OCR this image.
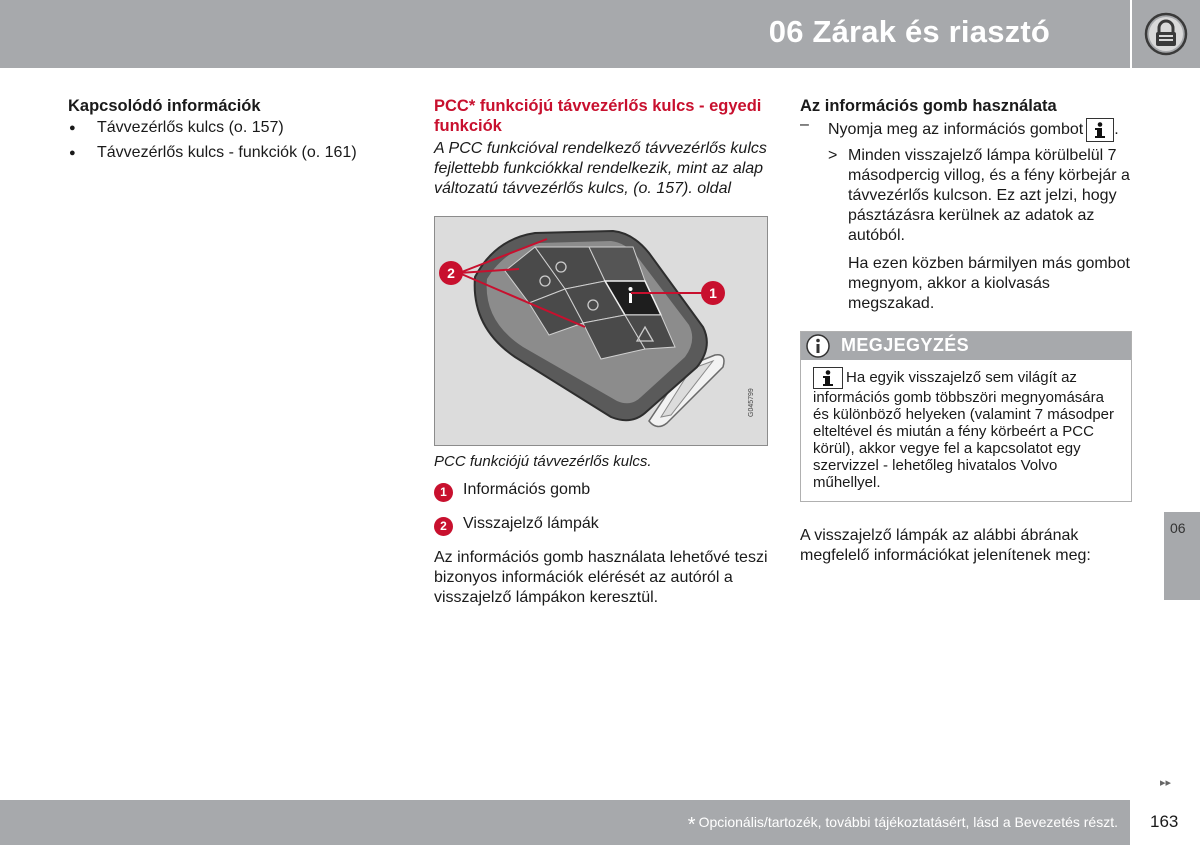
06 Zárak és riasztó
Kapcsolódó információk
● Távvezérlős kulcs (o. 157)
● Távvezérlős kulcs - funkciók (o. 161)
PCC* funkciójú távvezérlős kulcs - egyedi funkciók
A PCC funkcióval rendelkező távvezérlős kulcs fejlettebb funkciókkal rendelkezik, mint az alap változatú távvezérlős kulcs, (o. 157). oldal
2
1
G045799
PCC funkciójú távvezérlős kulcs.
1	Információs gomb
2	Visszajelző lámpák
Az információs gomb használata lehetővé teszi bizonyos információk elérését az autóról a visszajelző lámpákon keresztül.
Az információs gomb használata
– Nyomja meg az információs gombot .
> Minden visszajelző lámpa körülbelül 7 másodpercig villog, és a fény körbejár a távvezérlős kulcson. Ez azt jelzi, hogy pásztázásra kerülnek az adatok az autóból.
Ha ezen közben bármilyen más gombot megnyom, akkor a kiolvasás megszakad.
MEGJEGYZÉS
Ha egyik visszajelző sem világít az információs gomb többszöri megnyomására és különböző helyeken (valamint 7 másodper elteltével és miután a fény körbeért a PCC körül), akkor vegye fel a kapcsolatot egy szervizzel - lehetőleg hivatalos Volvo műhellyel.
A visszajelző lámpák az alábbi ábrának megfelelő információkat jelenítenek meg:
06
▸▸
* Opcionális/tartozék, további tájékoztatásért, lásd a Bevezetés részt. 163
